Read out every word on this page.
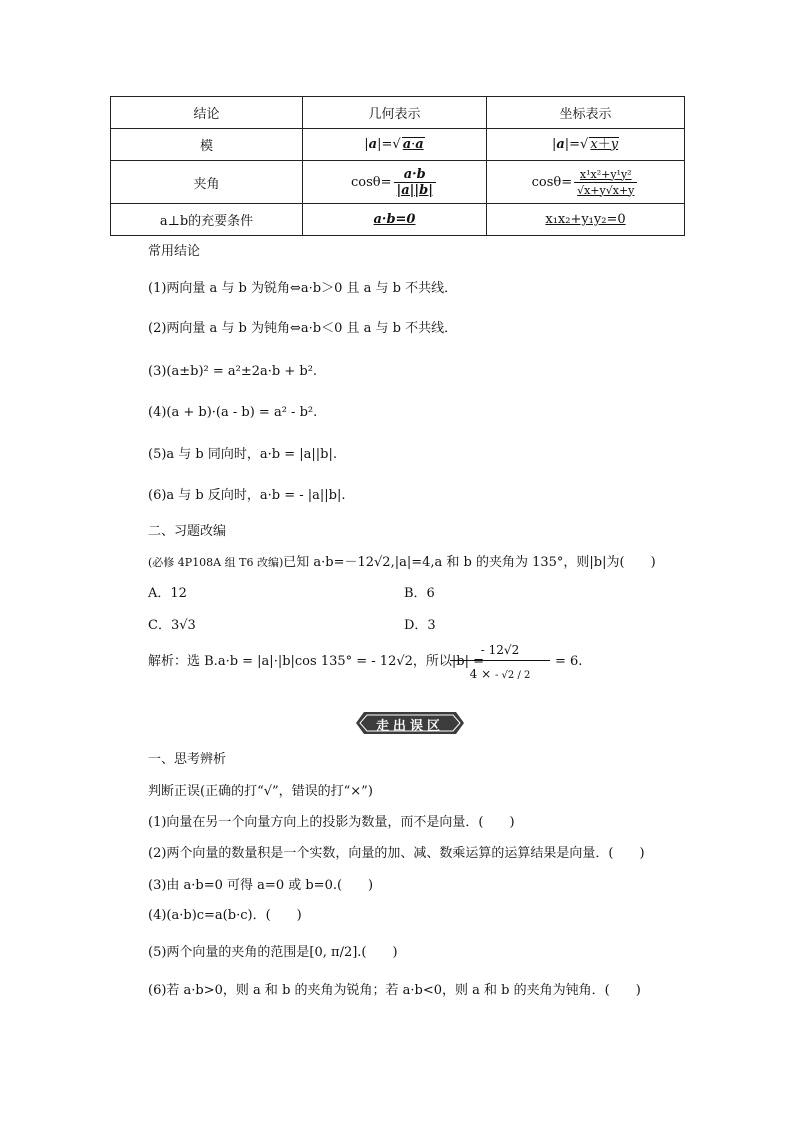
结论	几何表示	坐标表示
模	|a|=√ a·a	|a|=√ x＋y
夹角	$\cos\theta= \frac{a\cdot b}{|a||b|}$	$\cos\theta= \frac{\text{x¹x²+y¹y²}}{√x+y√x+y}$

a⊥b的充要条件	a·b=0	x₁x₂+y₁y₂=0
常用结论
(1)两向量 a 与 b 为锐角⇔a·b＞0 且 a 与 b 不共线．
(2)两向量 a 与 b 为钝角⇔a·b＜0 且 a 与 b 不共线．
(3)(a±b)² = a²±2a·b + b².
(4)(a + b)·(a - b) = a² - b².
(5)a 与 b 同向时，a·b = |a||b|.
(6)a 与 b 反向时，a·b = - |a||b|.
二、习题改编
(必修 4P108A 组 T6 改编)已知 a·b=－12√2,|a|=4,a 和 b 的夹角为 135°，则|b|为(　　)
A．12	B．6
C．3√3	D．3
解析：选 B.a·b = |a|·|b|cos 135° = - 12√2，所以|b| =
$\frac{- 12√2}{4 \times - √2 / 2} = 6$.
走出误区
一、思考辨析
判断正误(正确的打“√”，错误的打“×”)
(1)向量在另一个向量方向上的投影为数量，而不是向量．(　　)
(2)两个向量的数量积是一个实数，向量的加、减、数乘运算的运算结果是向量．(　　)
(3)由 a·b=0 可得 a=0 或 b=0.(　　)
(4)(a·b)c=a(b·c)．(　　)
(5)两个向量的夹角的范围是[0, π/2].(　　)
(6)若 a·b>0，则 a 和 b 的夹角为锐角；若 a·b<0，则 a 和 b 的夹角为钝角．(　　)
